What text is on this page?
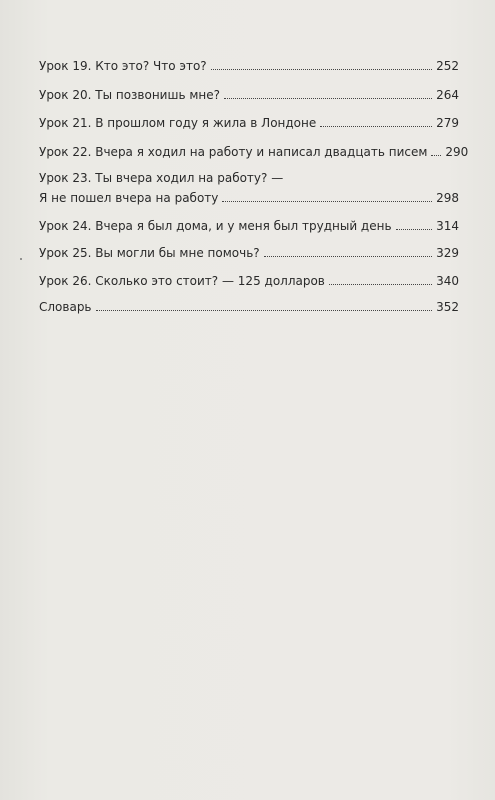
Урок 19. Кто это? Что это?	252
Урок 20. Ты позвонишь мне?	264
Урок 21. В прошлом году я жила в Лондоне	279
Урок 22. Вчера я ходил на работу и написал двадцать писем	290
Урок 23. Ты вчера ходил на работу? —
Я не пошел вчера на работу	298
Урок 24. Вчера я был дома, и у меня был трудный день	314
Урок 25. Вы могли бы мне помочь?	329
Урок 26. Сколько это стоит? — 125 долларов	340
Словарь	352
